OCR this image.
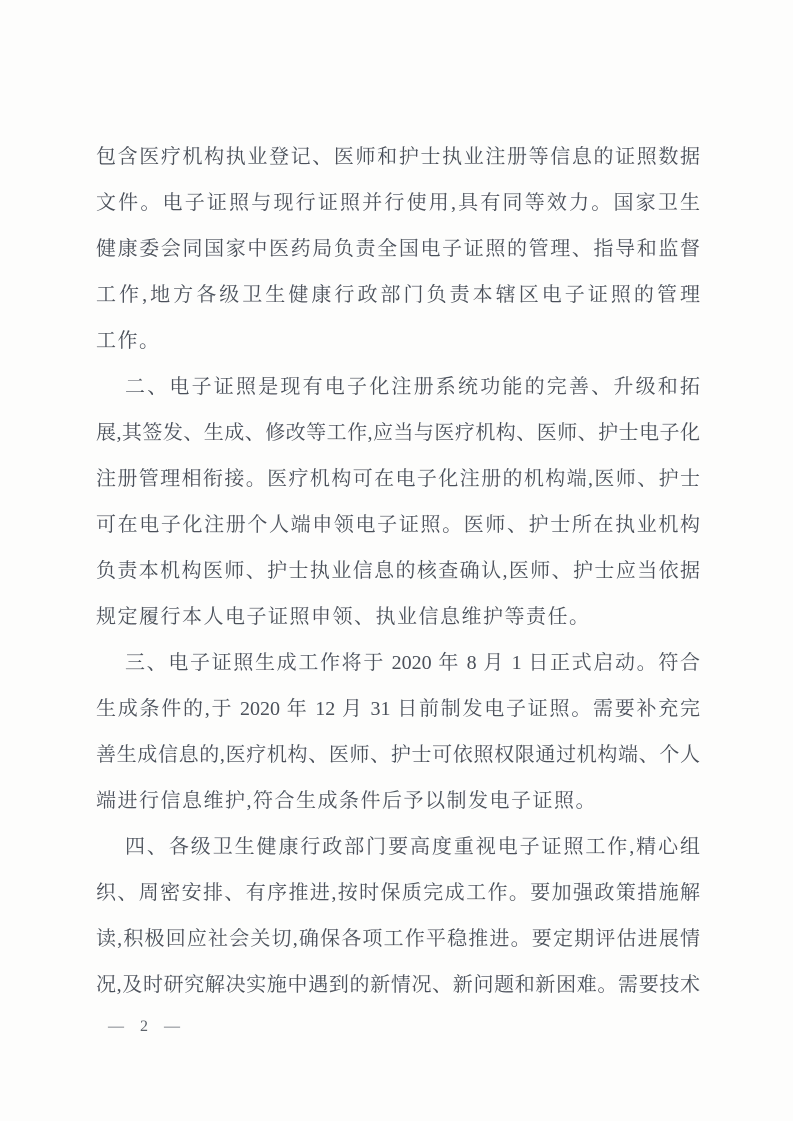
包含医疗机构执业登记、医师和护士执业注册等信息的证照数据
文件。电子证照与现行证照并行使用,具有同等效力。国家卫生
健康委会同国家中医药局负责全国电子证照的管理、指导和监督
工作,地方各级卫生健康行政部门负责本辖区电子证照的管理
工作。
二、电子证照是现有电子化注册系统功能的完善、升级和拓
展,其签发、生成、修改等工作,应当与医疗机构、医师、护士电子化
注册管理相衔接。医疗机构可在电子化注册的机构端,医师、护士
可在电子化注册个人端申领电子证照。医师、护士所在执业机构
负责本机构医师、护士执业信息的核查确认,医师、护士应当依据
规定履行本人电子证照申领、执业信息维护等责任。
三、电子证照生成工作将于 2020 年 8 月 1 日正式启动。符合
生成条件的,于 2020 年 12 月 31 日前制发电子证照。需要补充完
善生成信息的,医疗机构、医师、护士可依照权限通过机构端、个人
端进行信息维护,符合生成条件后予以制发电子证照。
四、各级卫生健康行政部门要高度重视电子证照工作,精心组
织、周密安排、有序推进,按时保质完成工作。要加强政策措施解
读,积极回应社会关切,确保各项工作平稳推进。要定期评估进展情
况,及时研究解决实施中遇到的新情况、新问题和新困难。需要技术
— 2 —
